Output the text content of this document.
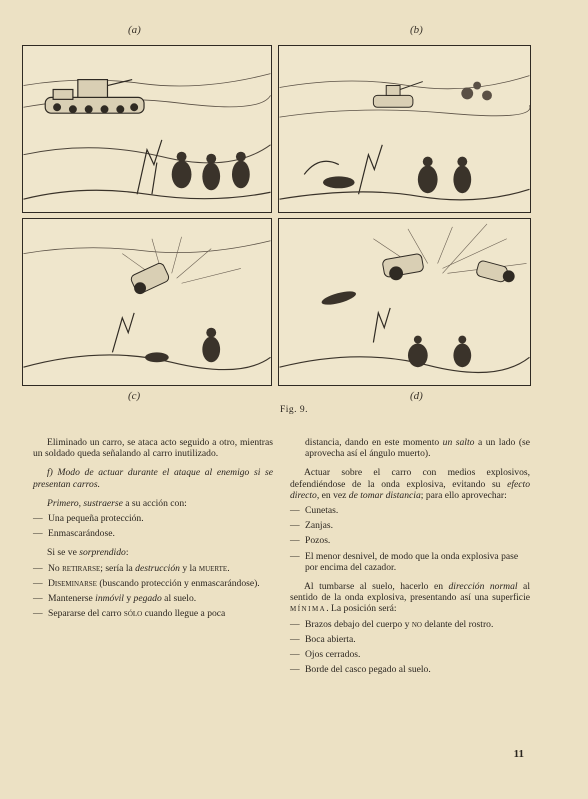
(a)	(b)
(c)	(d)
Fig. 9.

Eliminado un carro, se ataca acto seguido a otro, mientras un soldado queda señalando al carro inutilizado.

f) Modo de actuar durante el ataque al enemigo si se presentan carros.

Primero, sustraerse a su acción con:

— Una pequeña protección.
— Enmascarándose.

Si se ve sorprendido:

— No retirarse; sería la destrucción y la muerte.
— Diseminarse (buscando protección y enmascarándose).
— Mantenerse inmóvil y pegado al suelo.
— Separarse del carro sólo cuando llegue a poca

distancia, dando en este momento un salto a un lado (se aprovecha así el ángulo muerto).

Actuar sobre el carro con medios explosivos, defendiéndose de la onda explosiva, evitando su efecto directo, en vez de tomar distancia; para ello aprovechar:

— Cunetas.
— Zanjas.
— Pozos.
— El menor desnivel, de modo que la onda explosiva pase por encima del cazador.

Al tumbarse al suelo, hacerlo en dirección normal al sentido de la onda explosiva, presentando así una superficie mínima. La posición será:

— Brazos debajo del cuerpo y no delante del rostro.
— Boca abierta.
— Ojos cerrados.
— Borde del casco pegado al suelo.
11
